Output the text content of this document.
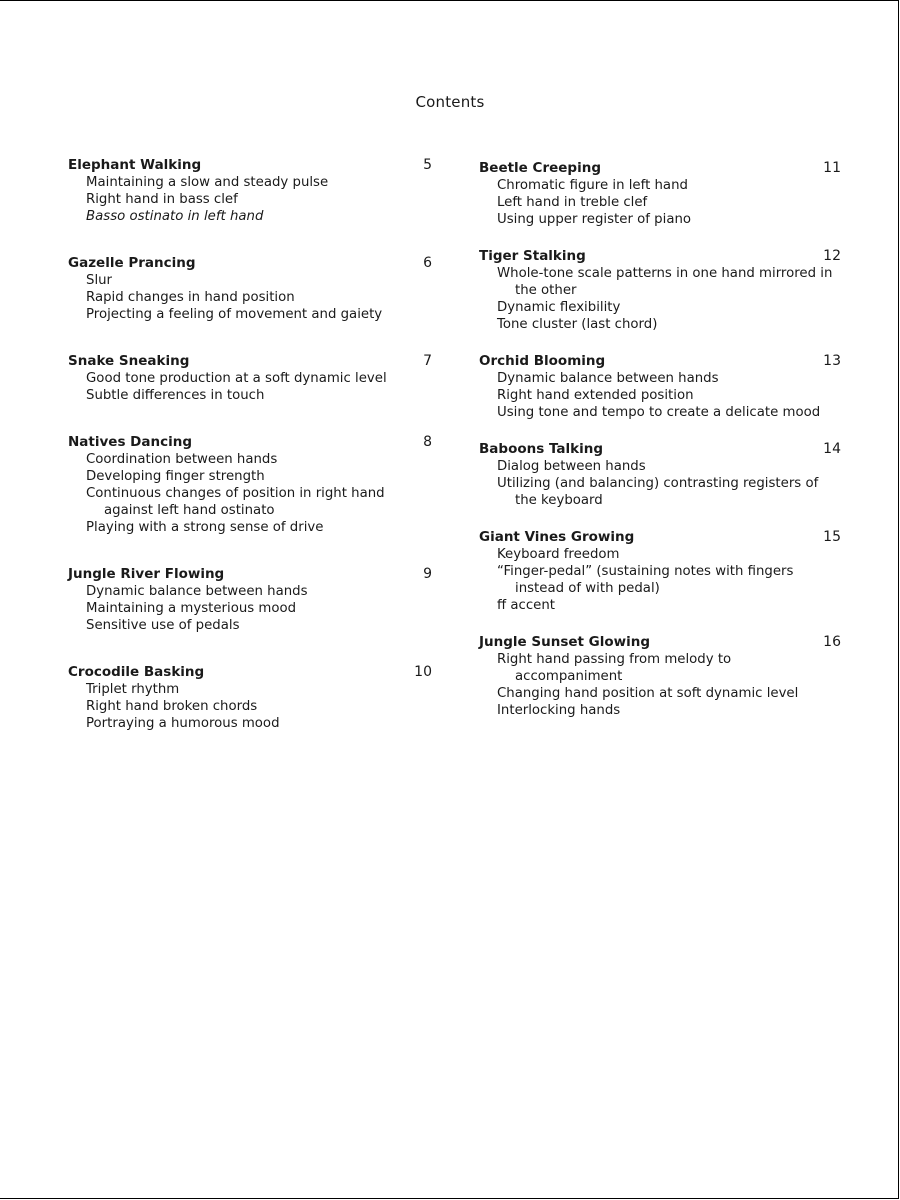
Contents
Elephant Walking	5
Maintaining a slow and steady pulse
Right hand in bass clef
Basso ostinato in left hand
Gazelle Prancing	6
Slur
Rapid changes in hand position
Projecting a feeling of movement and gaiety
Snake Sneaking	7
Good tone production at a soft dynamic level
Subtle differences in touch
Natives Dancing	8
Coordination between hands
Developing finger strength
Continuous changes of position in right hand against left hand ostinato
Playing with a strong sense of drive
Jungle River Flowing	9
Dynamic balance between hands
Maintaining a mysterious mood
Sensitive use of pedals
Crocodile Basking	10
Triplet rhythm
Right hand broken chords
Portraying a humorous mood
Beetle Creeping	11
Chromatic figure in left hand
Left hand in treble clef
Using upper register of piano
Tiger Stalking	12
Whole-tone scale patterns in one hand mirrored in the other
Dynamic flexibility
Tone cluster (last chord)
Orchid Blooming	13
Dynamic balance between hands
Right hand extended position
Using tone and tempo to create a delicate mood
Baboons Talking	14
Dialog between hands
Utilizing (and balancing) contrasting registers of the keyboard
Giant Vines Growing	15
Keyboard freedom
“Finger-pedal” (sustaining notes with fingers instead of with pedal)
ff accent
Jungle Sunset Glowing	16
Right hand passing from melody to accompaniment
Changing hand position at soft dynamic level
Interlocking hands
